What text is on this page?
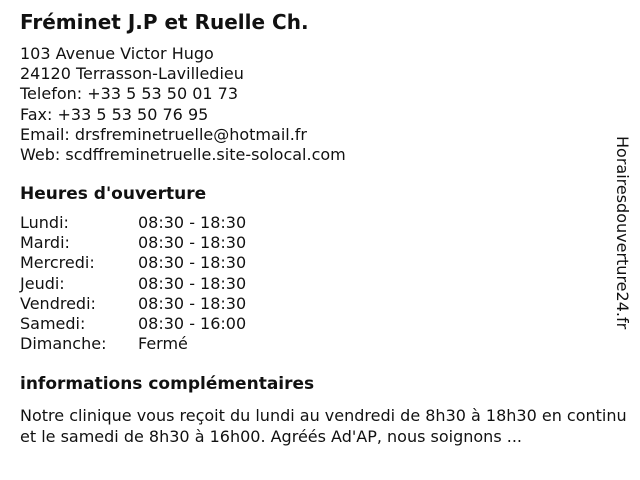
Fréminet J.P et Ruelle Ch.
103 Avenue Victor Hugo
24120 Terrasson-Lavilledieu
Telefon: +33 5 53 50 01 73
Fax: +33 5 53 50 76 95
Email: drsfreminetruelle@hotmail.fr
Web: scdffreminetruelle.site-solocal.com
Heures d'ouverture
Lundi:	08:30 - 18:30
Mardi:	08:30 - 18:30
Mercredi:	08:30 - 18:30
Jeudi:	08:30 - 18:30
Vendredi:	08:30 - 18:30
Samedi:	08:30 - 16:00
Dimanche:	Fermé
informations complémentaires

Notre clinique vous reçoit du lundi au vendredi de 8h30 à 18h30 en continu et le samedi de 8h30 à 16h00. Agréés Ad'AP, nous soignons ...

Horairesdouverture24.fr
